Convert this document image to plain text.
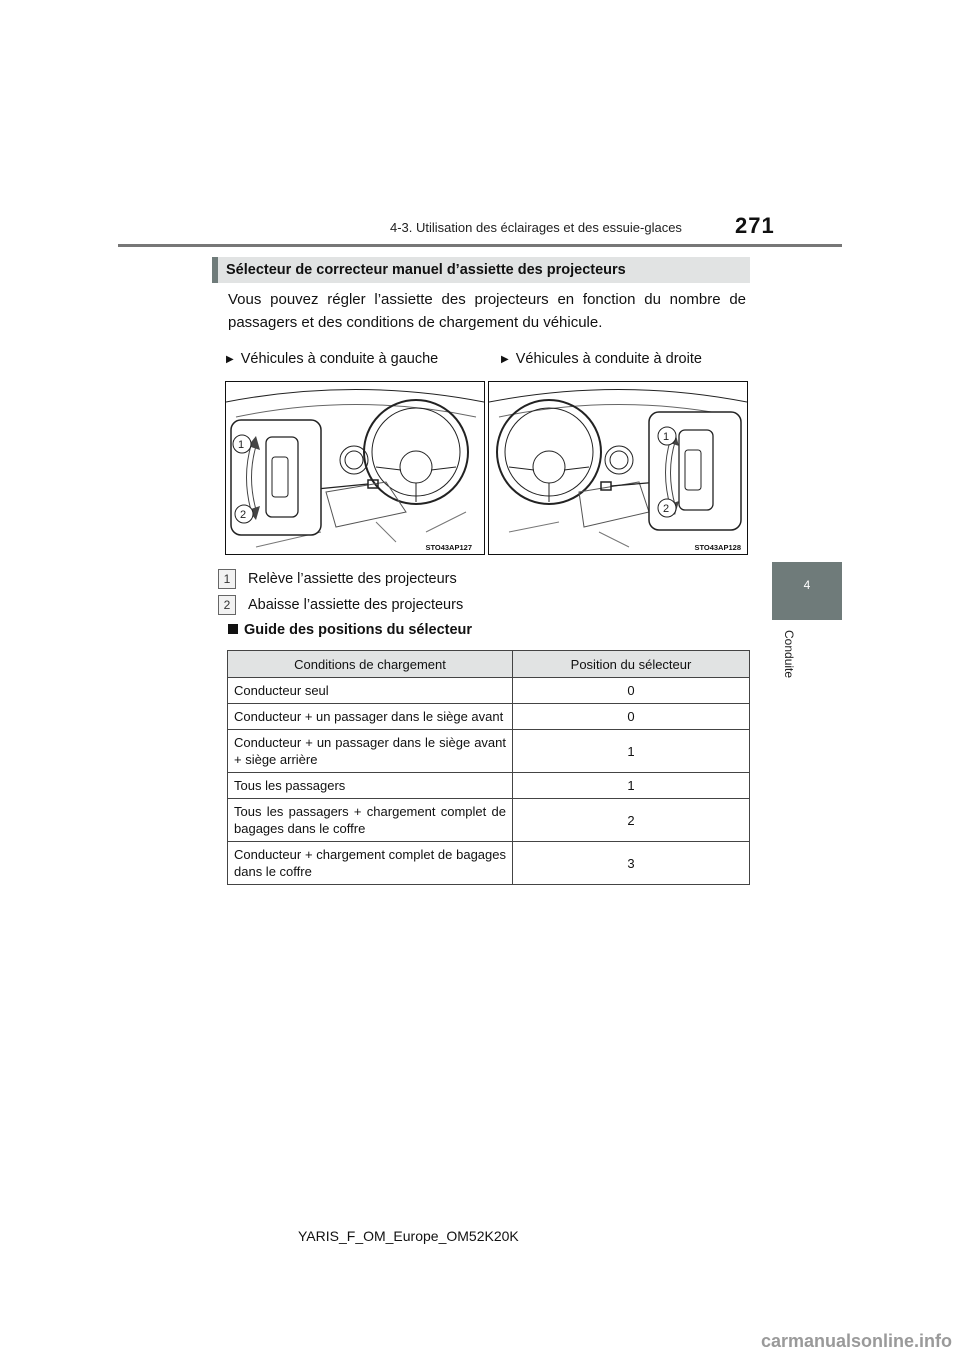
4-3. Utilisation des éclairages et des essuie-glaces 271
4
Conduite
Sélecteur de correcteur manuel d’assiette des projecteurs
Vous pouvez régler l’assiette des projecteurs en fonction du nombre de passagers et des conditions de chargement du véhicule.
▶ Véhicules à conduite à gauche	▶ Véhicules à conduite à droite
1
2
STO43AP127
1
2
STO43AP128
1 Relève l’assiette des projecteurs
2 Abaisse l’assiette des projecteurs
Guide des positions du sélecteur
Conditions de chargement	Position du sélecteur
Conducteur seul	0
Conducteur + un passager dans le siège avant	0
Conducteur + un passager dans le siège avant + siège arrière	1
Tous les passagers	1
Tous les passagers + chargement complet de bagages dans le coffre	2
Conducteur + chargement complet de bagages dans le coffre	3
YARIS_F_OM_Europe_OM52K20K
carmanualsonline.info
